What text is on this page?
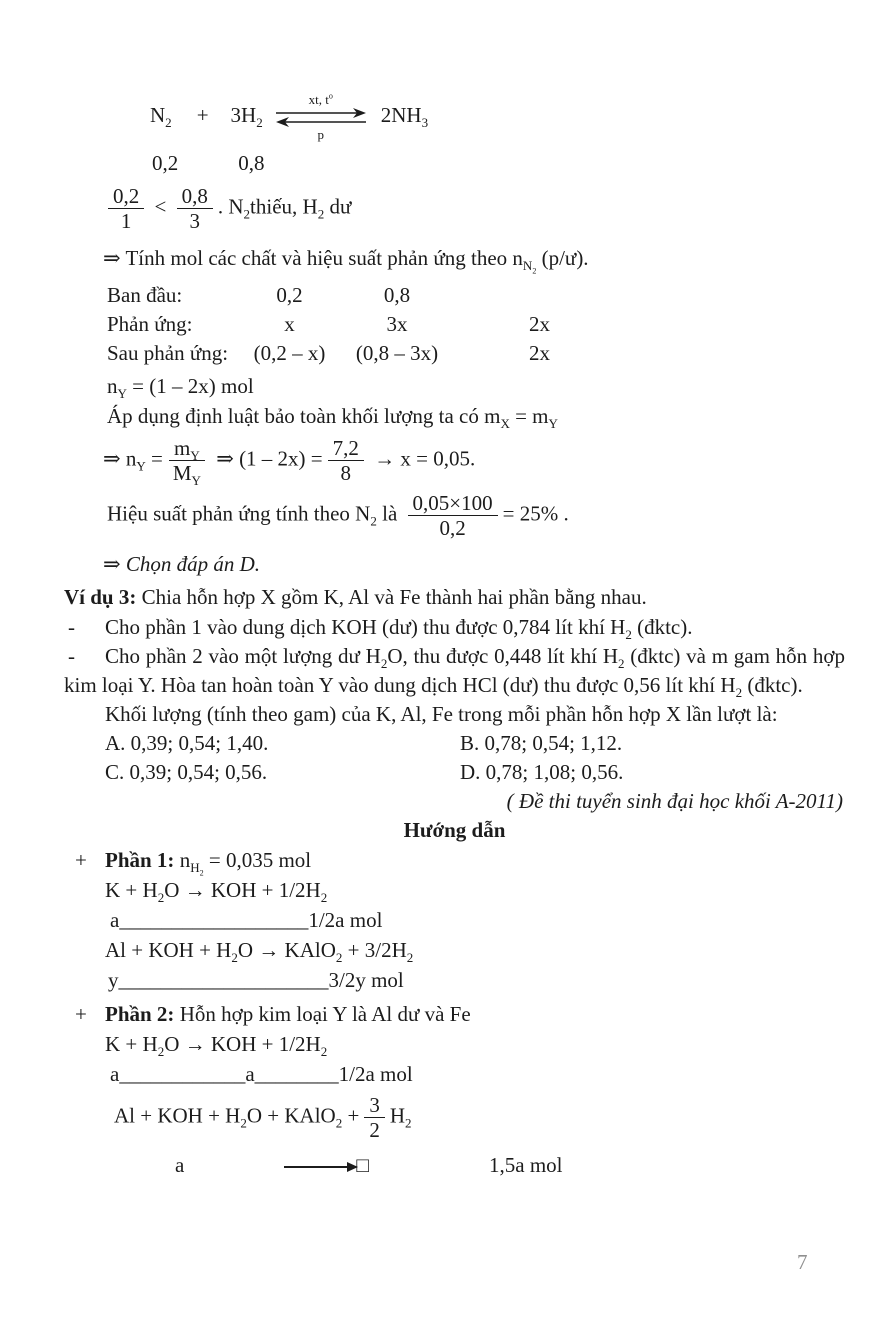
$N_2 + 3H_2$
xt, $t^o$
p
$2NH_3$

0,2	0,8

$\frac{0,2}{1} < \frac{0,8}{3}$ . $N_2thiếu$, $H_2$ dư

⇒ Tính mol các chất và hiệu suất phản ứng theo $n_{N_2}$ (p/ư).

Ban đầu:	0,2	0,8
Phản ứng:	x	3x	2x
Sau phản ứng:	(0,2 – x)	(0,8 – 3x)	2x

$n_Y = (1 - 2x)$ mol

Áp dụng định luật bảo toàn khối lượng ta có $m_X = m_Y$

⇒ $n_Y = \frac{m_Y}{M_Y}$ ⇒ $(1 - 2x) = \frac{7,2}{8} \to x = 0,05$.

Hiệu suất phản ứng tính theo $N_2$ là $\frac{0,05\times 100}{0,2} = 25\%$ .

⇒ Chọn đáp án D.

Ví dụ 3: Chia hỗn hợp X gồm K, Al và Fe thành hai phần bằng nhau.

- Cho phần 1 vào dung dịch KOH (dư) thu được 0,784 lít khí $H_2$ (đktc).

- Cho phần 2 vào một lượng dư $H_2O$, thu được 0,448 lít khí $H_2$ (đktc) và m gam hỗn hợp kim loại Y. Hòa tan hoàn toàn Y vào dung dịch HCl (dư) thu được 0,56 lít khí $H_2$ (đktc).

Khối lượng (tính theo gam) của K, Al, Fe trong mỗi phần hỗn hợp X lần lượt là:

A. 0,39; 0,54; 1,40.	B. 0,78; 0,54; 1,12.
C. 0,39; 0,54; 0,56.	D. 0,78; 1,08; 0,56.

( Đề thi tuyển sinh đại học khối A-2011)

Hướng dẫn

+ Phần 1: $n_{H_2} = 0,035$ mol

$K + H_2O$ → KOH + $1/2H_2$

a__________________1/2a mol

Al + KOH + $H_2O$ → KAlO$_2$ + $3/2H_2$

y____________________3/2y mol

+ Phần 2: Hỗn hợp kim loại Y là Al dư và Fe

$K + H_2O$ → KOH + $1/2H_2$

a____________a________1/2a mol

Al + KOH + $H_2O$ + KAlO$_2$ + $\frac{3}{2} H_2$

a	□	1,5a mol

7
